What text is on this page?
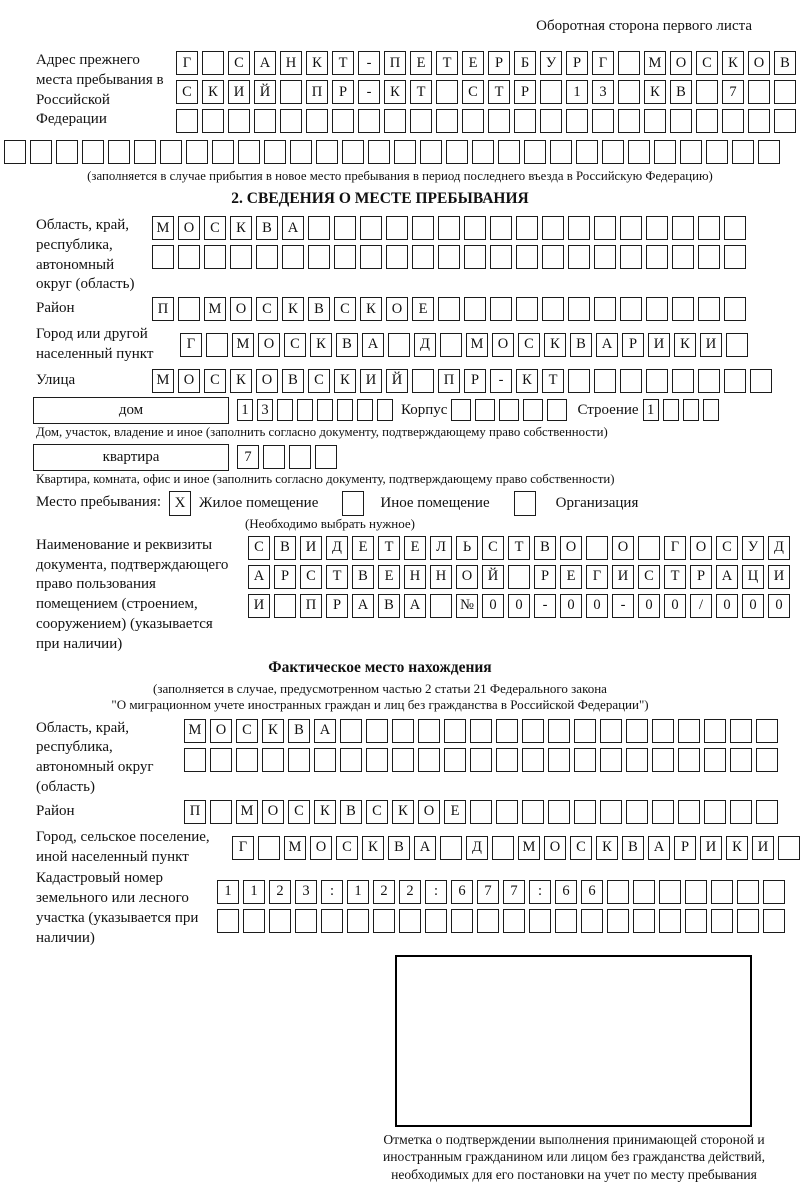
Оборотная сторона первого листа
Адрес прежнего места пребывания в Российской Федерации
Г	С	А	Н	К	Т	-	П	Е	Т	Е	Р	Б	У	Р	Г	М О	С	К	О	В
С	К	И	Й	П	Р	-	К	Т	С	Т	Р	1	3	К	В	7
(заполняется в случае прибытия в новое место пребывания в период последнего въезда в Российскую Федерацию)
2. СВЕДЕНИЯ О МЕСТЕ ПРЕБЫВАНИЯ
Область, край, республика, автономный округ (область)
М О	С	К	В	А
Район	П	М О	С	К	В	С	К	О	Е
Город или другой населенный пункт
Г	М О	С	К	В	А	Д	М О	С	К	В	А	Р	И	К	И
Улица	М О	С	К	О	В	С	К	И	Й	П	Р	-	К	Т
дом	1 3	Корпус	Строение 1
Дом, участок, владение и иное (заполнить согласно документу, подтверждающему право собственности)
квартира	7
Квартира, комната, офис и иное (заполнить согласно документу, подтверждающему право собственности)
Место пребывания: X Жилое помещение	Иное помещение	Организация
(Необходимо выбрать нужное)
Наименование и реквизиты документа, подтверждающего право пользования помещением (строением, сооружением) (указывается при наличии)
С	В	И	Д	Е	Т	Е	Л	Ь	С	Т	В	О	О	Г	О	С	У	Д
А	Р	С	Т	В	Е	Н	Н	О	Й	Р	Е	Г	И	С	Т	Р	А	Ц	И
И	П	Р	А	В	А	№	0	0	-	0	0	-	0	0	/	0	0	0
Фактическое место нахождения
(заполняется в случае, предусмотренном частью 2 статьи 21 Федерального закона
"О миграционном учете иностранных граждан и лиц без гражданства в Российской Федерации")
Область, край, республика, автономный округ (область)
М О	С	К	В	А
Район	П	М О	С	К	В	С	К	О	Е
Город, сельское поселение, иной населенный пункт
Г	М О	С	К	В	А	Д	М О	С	К	В	А	Р	И	К	И
Кадастровый номер земельного или лесного участка (указывается при наличии)
1	1	2	3	:	1	2	2	:	6	7	7	:	6	6
Отметка о подтверждении выполнения принимающей стороной и иностранным гражданином или лицом без гражданства действий, необходимых для его постановки на учет по месту пребывания
